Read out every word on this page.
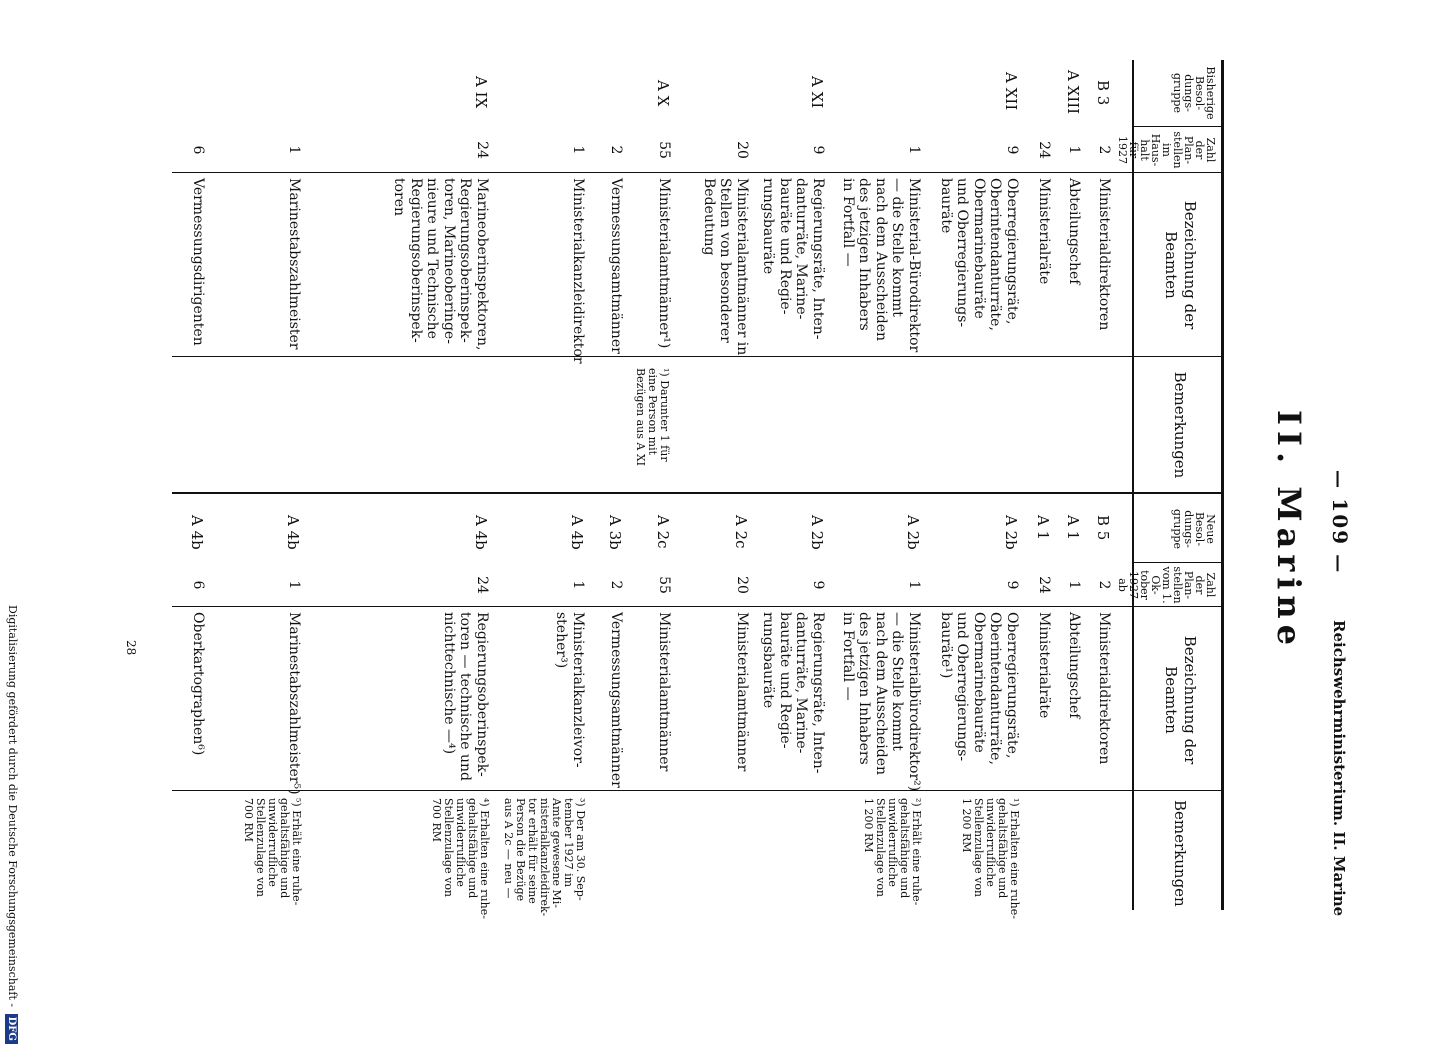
— 109 —
Reichswehrministerium. II. Marine
II. Marine
Bisherige Besol-dungs-gruppe
Zahl der Plan-stellen im Haus-halt für 1927
Bezeichnung der Beamten
Bemerkungen
Neue Besol-dungs-gruppe
Zahl der Plan-stellen vom 1. Ok-tober 1927 ab
Bezeichnung der Beamten
Bemerkungen
B 3
2
Ministerialdirektoren
B 5
2
Ministerialdirektoren
A XIII
1
Abteilungschef
A 1
1
Abteilungschef
24
Ministerialräte
A 1
24
Ministerialräte
A XII
9
Oberregierungsräte,
Oberintendanturräte,
Obermarinebauräte
und Oberregierungs-
bauräte
A 2b
9
Oberregierungsräte,
Oberintendanturräte,
Obermarinebauräte
und Oberregierungs-
bauräte¹)
¹) Erhalten eine ruhe-
gehaltsfähige und
unwiderrufliche
Stellenzulage von
1 200 RM
1
Ministerial-Bürodirektor
— die Stelle kommt
nach dem Ausscheiden
des jetzigen Inhabers
in Fortfall —
A 2b
1
Ministerialbürodirektor²)
— die Stelle kommt
nach dem Ausscheiden
des jetzigen Inhabers
in Fortfall —
²) Erhält eine ruhe-
gehaltsfähige und
unwiderrufliche
Stellenzulage von
1 200 RM
A XI
9
Regierungsräte, Inten-
danturräte, Marine-
bauräte und Regie-
rungsbauräte
A 2b
9
Regierungsräte, Inten-
danturräte, Marine-
bauräte und Regie-
rungsbauräte
20
Ministerialamtmänner in
Stellen von besonderer
Bedeutung
A 2c
20
Ministerialamtmänner
A X
55
Ministerialamtmänner¹)
¹) Darunter 1 für
eine Person mit
Bezügen aus A XI
A 2c
55
Ministerialamtmänner
2
Vermessungsamtmänner
A 3b
2
Vermessungsamtmänner
1
Ministerialkanzleidirektor
A 4b
1
Ministerialkanzleivor-
steher³)
³) Der am 30. Sep-
tember 1927 im
Amte gewesene Mi-
nisterialkanzleidirek-
tor erhält für seine
Person die Bezüge
aus A 2c — neu —
A IX
24
Marineoberinspektoren,
Regierungsoberinspek-
toren, Marineoberinge-
nieure und Technische
Regierungsoberinspek-
toren
A 4b
24
Regierungsoberinspek-
toren — technische und
nichttechnische —⁴)
⁴) Erhalten eine ruhe-
gehaltsfähige und
unwiderrufliche
Stellenzulage von
700 RM
1
Marinestabszahlmeister
A 4b
1
Marinestabszahlmeister⁵)
⁵) Erhält eine ruhe-
gehaltsfähige und
unwiderrufliche
Stellenzulage von
700 RM
6
Vermessungsdirigenten
A 4b
6
Oberkartographen⁶)
28
Digitalisierung gefördert durch die Deutsche Forschungsgemeinschaft - DFG
